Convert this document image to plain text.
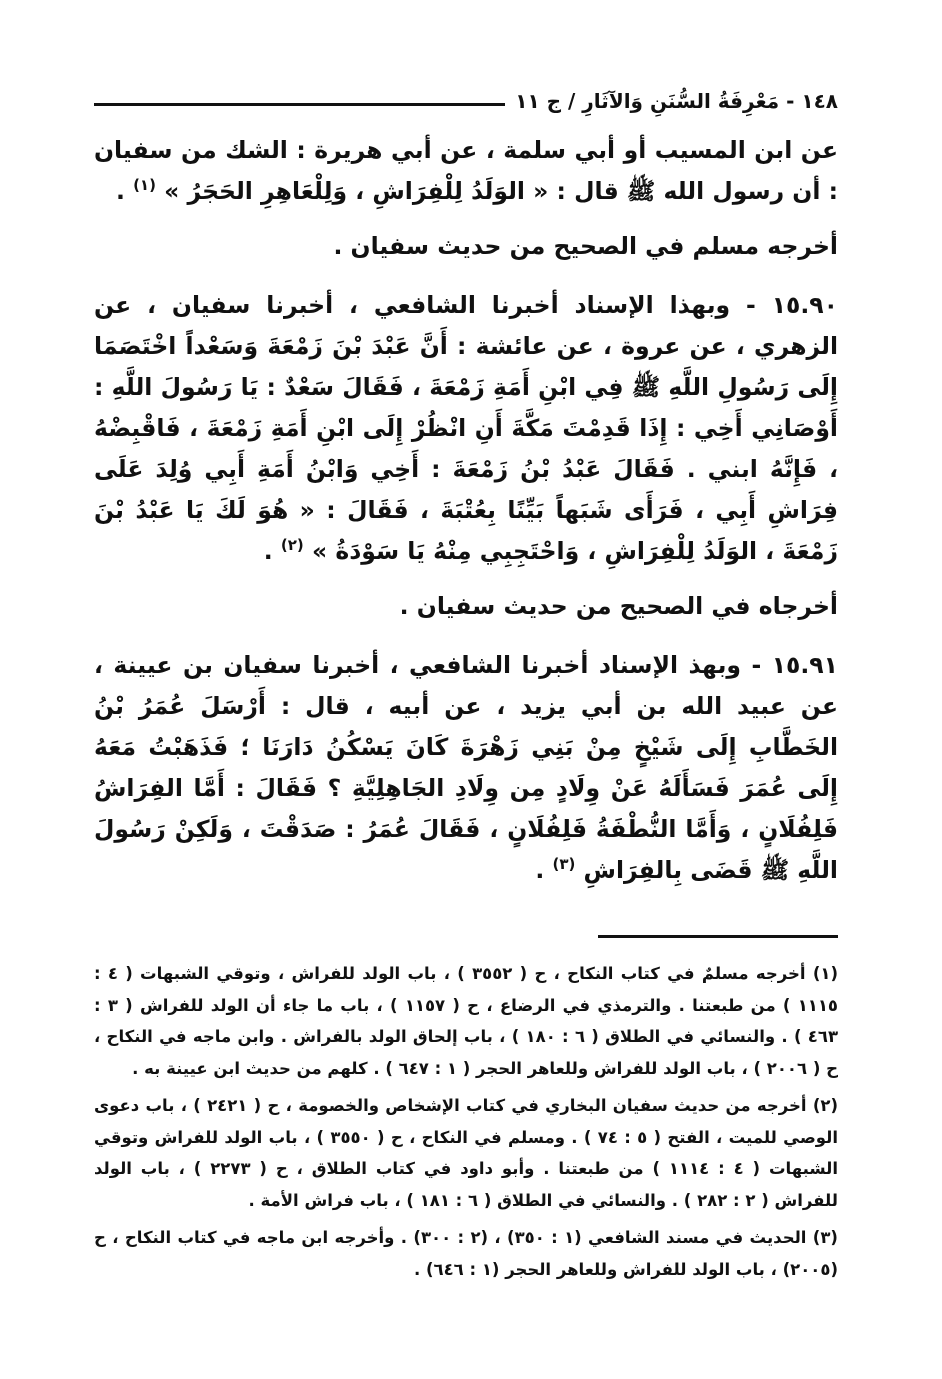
١٤٨ - مَعْرِفَةُ السُّنَنِ وَالآثَارِ / ج ١١

عن ابن المسيب أو أبي سلمة ، عن أبي هريرة : الشك من سفيان : أن رسول الله ﷺ قال : « الوَلَدُ لِلْفِرَاشِ ، وَلِلْعَاهِرِ الحَجَرُ » $^{(١)}$ .

أخرجه مسلم في الصحيح من حديث سفيان .

١٥.٩٠ - وبهذا الإسناد أخبرنا الشافعي ، أخبرنا سفيان ، عن الزهري ، عن عروة ، عن عائشة : أَنَّ عَبْدَ بْنَ زَمْعَةَ وَسَعْداً اخْتَصَمَا إِلَى رَسُولِ اللَّهِ ﷺ فِي ابْنِ أَمَةِ زَمْعَةَ ، فَقَالَ سَعْدٌ : يَا رَسُولَ اللَّهِ : أَوْصَانِي أَخِي : إِذَا قَدِمْتَ مَكَّةَ أَنِ انْظُرْ إِلَى ابْنِ أَمَةِ زَمْعَةَ ، فَاقْبِضْهُ ، فَإِنَّهُ ابني . فَقَالَ عَبْدُ بْنُ زَمْعَةَ : أَخِي وَابْنُ أَمَةِ أَبِي وُلِدَ عَلَى فِرَاشِ أَبِي ، فَرَأَى شَبَهاً بَيِّنًا بِعُتْبَةَ ، فَقَالَ : « هُوَ لَكَ يَا عَبْدُ بْنَ زَمْعَةَ ، الوَلَدُ لِلْفِرَاشِ ، وَاحْتَجِبِي مِنْهُ يَا سَوْدَةُ » $^{(٢)}$ .

أخرجاه في الصحيح من حديث سفيان .

١٥.٩١ - وبهذ الإسناد أخبرنا الشافعي ، أخبرنا سفيان بن عيينة ، عن عبيد الله بن أبي يزيد ، عن أبيه ، قال : أَرْسَلَ عُمَرُ بْنُ الخَطَّابِ إِلَى شَيْخٍ مِنْ بَنِي زَهْرَةَ كَانَ يَسْكُنُ دَارَنَا ؛ فَذَهَبْتُ مَعَهُ إِلَى عُمَرَ فَسَأَلَهُ عَنْ وِلَادٍ مِن وِلَادِ الجَاهِلِيَّةِ ؟ فَقَالَ : أَمَّا الفِرَاشُ فَلِفُلَانٍ ، وَأَمَّا النُّطْفَةُ فَلِفُلَانٍ ، فَقَالَ عُمَرُ : صَدَقْتَ ، وَلَكِنْ رَسُولَ اللَّهِ ﷺ قَضَى بِالفِرَاشِ $^{(٣)}$ .

(١) أخرجه مسلمٌ في كتاب النكاح ، ح ( ٣٥٥٢ ) ، باب الولد للفراش ، وتوقي الشبهات ( ٤ : ١١١٥ ) من طبعتنا . والترمذي في الرضاع ، ح ( ١١٥٧ ) ، باب ما جاء أن الولد للفراش ( ٣ : ٤٦٣ ) . والنسائي في الطلاق ( ٦ : ١٨٠ ) ، باب إلحاق الولد بالفراش . وابن ماجه في النكاح ، ح ( ٢٠٠٦ ) ، باب الولد للفراش وللعاهر الحجر ( ١ : ٦٤٧ ) . كلهم من حديث ابن عيينة به .

(٢) أخرجه من حديث سفيان البخاري في كتاب الإشخاص والخصومة ، ح ( ٢٤٢١ ) ، باب دعوى الوصي للميت ، الفتح ( ٥ : ٧٤ ) . ومسلم في النكاح ، ح ( ٣٥٥٠ ) ، باب الولد للفراش وتوقي الشبهات ( ٤ : ١١١٤ ) من طبعتنا . وأبو داود في كتاب الطلاق ، ح ( ٢٢٧٣ ) ، باب الولد للفراش ( ٢ : ٢٨٢ ) . والنسائي في الطلاق ( ٦ : ١٨١ ) ، باب فراش الأمة .

(٣) الحديث في مسند الشافعي (١ : ٣٥٠) ، (٢ : ٣٠٠) . وأخرجه ابن ماجه في كتاب النكاح ، ح (٢٠٠٥) ، باب الولد للفراش وللعاهر الحجر (١ : ٦٤٦) .
